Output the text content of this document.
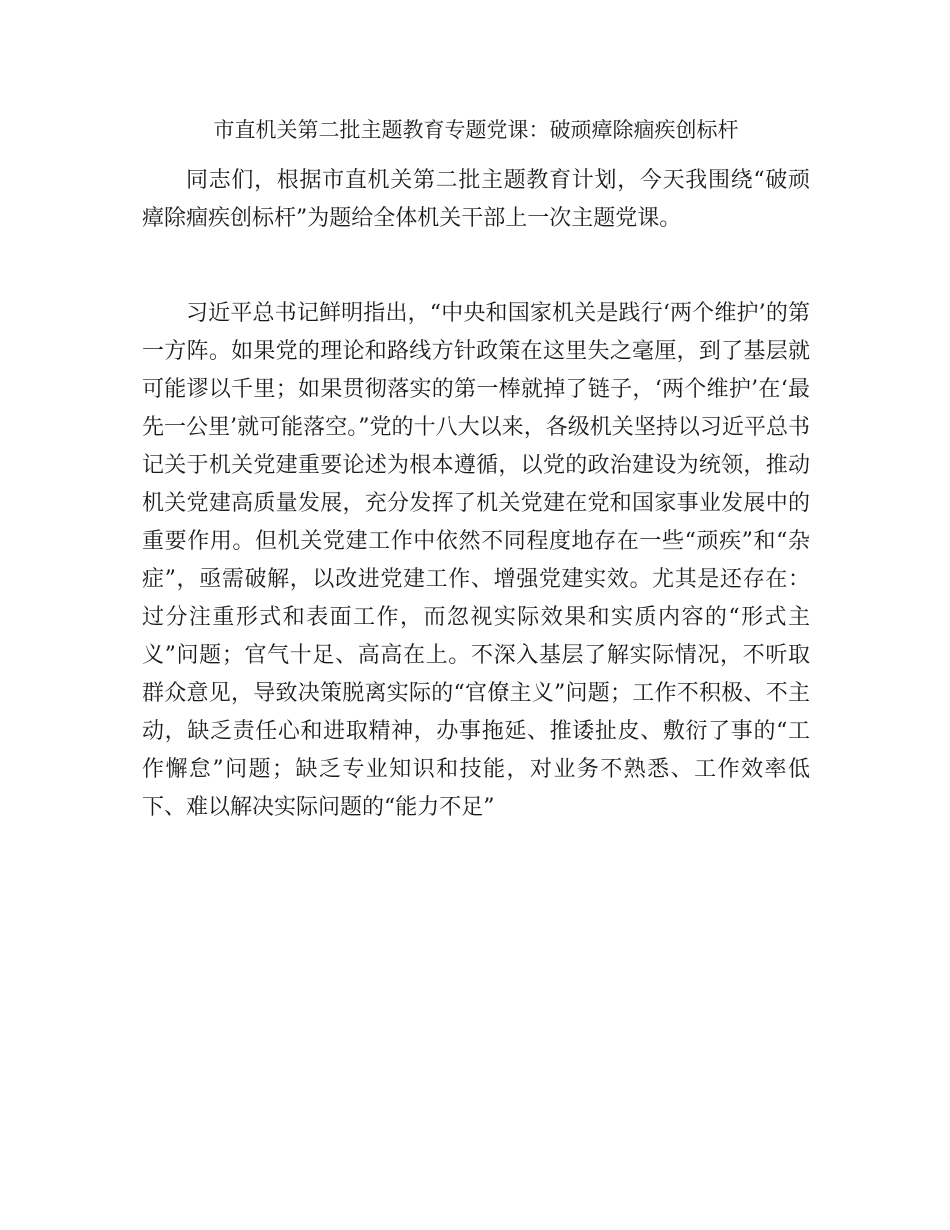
市直机关第二批主题教育专题党课：破顽瘴除痼疾创标杆

同志们，根据市直机关第二批主题教育计划，今天我围绕“破顽瘴除痼疾创标杆”为题给全体机关干部上一次主题党课。

习近平总书记鲜明指出，“中央和国家机关是践行‘两个维护’的第一方阵。如果党的理论和路线方针政策在这里失之毫厘，到了基层就可能谬以千里；如果贯彻落实的第一棒就掉了链子，‘两个维护’在‘最先一公里’就可能落空。”党的十八大以来，各级机关坚持以习近平总书记关于机关党建重要论述为根本遵循，以党的政治建设为统领，推动机关党建高质量发展，充分发挥了机关党建在党和国家事业发展中的重要作用。但机关党建工作中依然不同程度地存在一些“顽疾”和“杂症”，亟需破解，以改进党建工作、增强党建实效。尤其是还存在：过分注重形式和表面工作，而忽视实际效果和实质内容的“形式主义”问题；官气十足、高高在上。不深入基层了解实际情况，不听取群众意见，导致决策脱离实际的“官僚主义”问题；工作不积极、不主动，缺乏责任心和进取精神，办事拖延、推诿扯皮、敷衍了事的“工作懈怠”问题；缺乏专业知识和技能，对业务不熟悉、工作效率低下、难以解决实际问题的“能力不足”
